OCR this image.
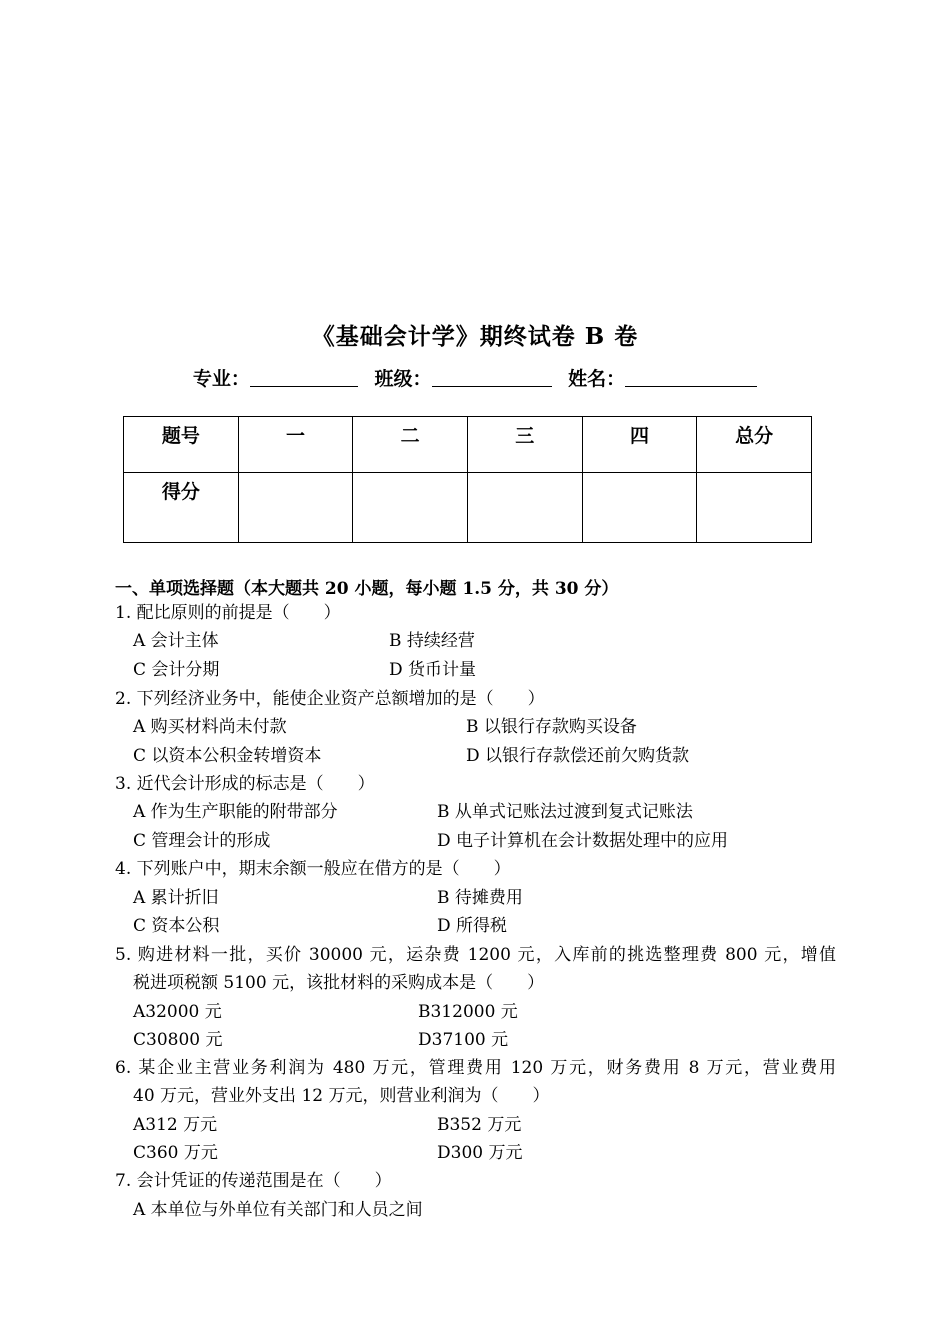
《基础会计学》期终试卷 B 卷
专业：	班级：	姓名：
题号	一	二	三	四	总分
得分					
一、单项选择题（本大题共 20 小题，每小题 1.5 分，共 30 分）
1. 配比原则的前提是（　　）
A 会计主体	B 持续经营
C 会计分期	D 货币计量
2. 下列经济业务中，能使企业资产总额增加的是（　　）
A 购买材料尚未付款	B 以银行存款购买设备
C 以资本公积金转增资本	D 以银行存款偿还前欠购货款
3. 近代会计形成的标志是（　　）
A 作为生产职能的附带部分	B 从单式记账法过渡到复式记账法
C 管理会计的形成	D 电子计算机在会计数据处理中的应用
4. 下列账户中，期末余额一般应在借方的是（　　）
A 累计折旧	B 待摊费用
C 资本公积	D 所得税
5. 购进材料一批，买价 30000 元，运杂费 1200 元，入库前的挑选整理费 800 元，增值
税进项税额 5100 元，该批材料的采购成本是（　　）
A32000 元	B312000 元
C30800 元	D37100 元
6. 某企业主营业务利润为 480 万元，管理费用 120 万元，财务费用 8 万元，营业费用
40 万元，营业外支出 12 万元，则营业利润为（　　）
A312 万元	B352 万元
C360 万元	D300 万元
7. 会计凭证的传递范围是在（　　）
A 本单位与外单位有关部门和人员之间
